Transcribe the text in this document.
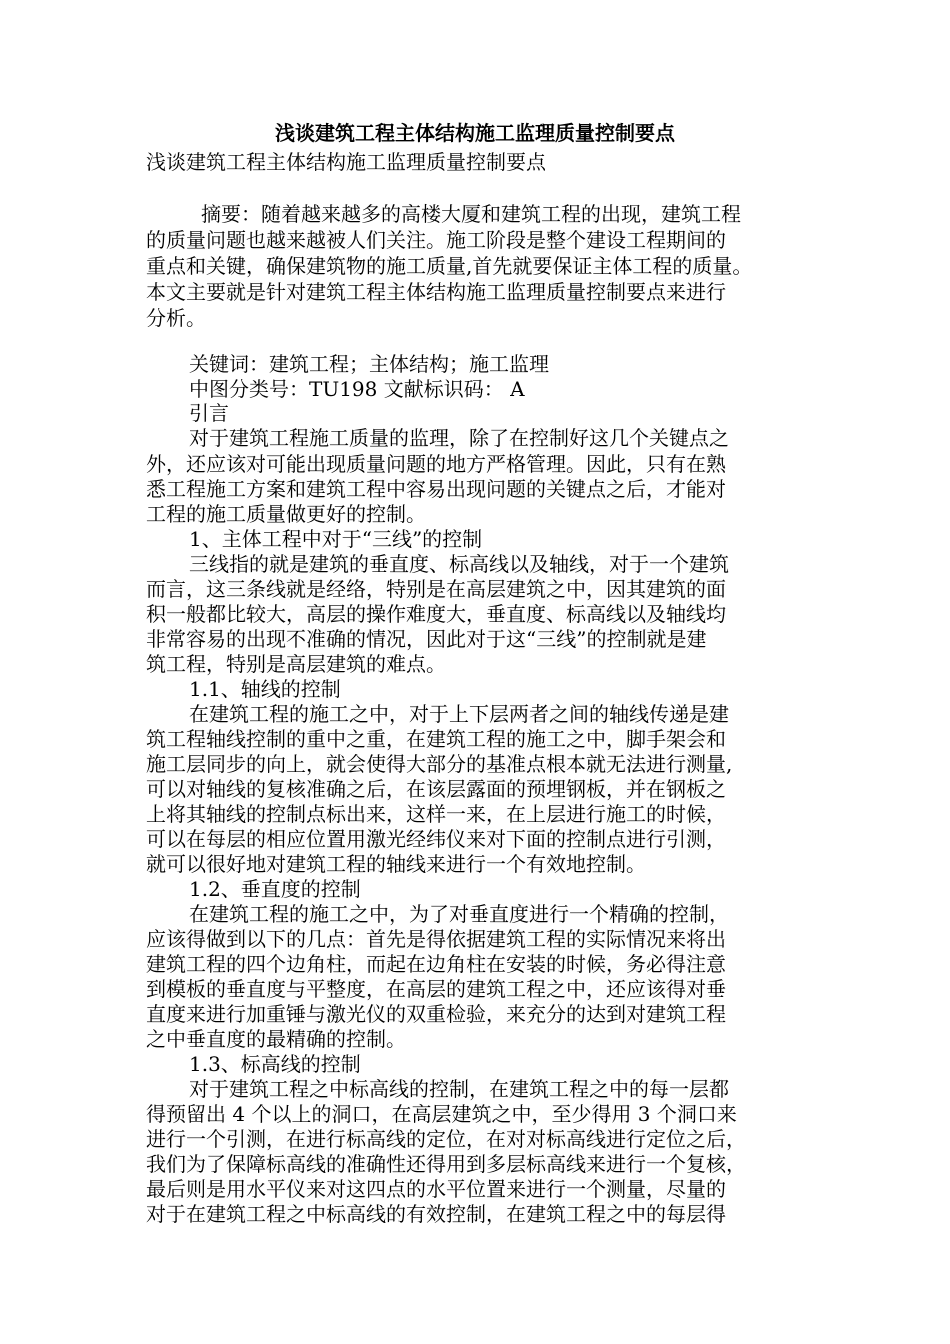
浅谈建筑工程主体结构施工监理质量控制要点
浅谈建筑工程主体结构施工监理质量控制要点
摘要：随着越来越多的高楼大厦和建筑工程的出现，建筑工程
的质量问题也越来越被人们关注。施工阶段是整个建设工程期间的
重点和关键，确保建筑物的施工质量,首先就要保证主体工程的质量。
本文主要就是针对建筑工程主体结构施工监理质量控制要点来进行
分析。
关键词：建筑工程；主体结构；施工监理
中图分类号：TU198 文献标识码： A
引言
对于建筑工程施工质量的监理，除了在控制好这几个关键点之
外，还应该对可能出现质量问题的地方严格管理。因此，只有在熟
悉工程施工方案和建筑工程中容易出现问题的关键点之后，才能对
工程的施工质量做更好的控制。
1、主体工程中对于“三线”的控制
三线指的就是建筑的垂直度、标高线以及轴线，对于一个建筑
而言，这三条线就是经络，特别是在高层建筑之中，因其建筑的面
积一般都比较大，高层的操作难度大，垂直度、标高线以及轴线均
非常容易的出现不准确的情况，因此对于这“三线”的控制就是建
筑工程，特别是高层建筑的难点。
1.1、轴线的控制
在建筑工程的施工之中，对于上下层两者之间的轴线传递是建
筑工程轴线控制的重中之重，在建筑工程的施工之中，脚手架会和
施工层同步的向上，就会使得大部分的基准点根本就无法进行测量,
可以对轴线的复核准确之后，在该层露面的预埋钢板，并在钢板之
上将其轴线的控制点标出来，这样一来，在上层进行施工的时候，
可以在每层的相应位置用激光经纬仪来对下面的控制点进行引测，
就可以很好地对建筑工程的轴线来进行一个有效地控制。
1.2、垂直度的控制
在建筑工程的施工之中，为了对垂直度进行一个精确的控制，
应该得做到以下的几点：首先是得依据建筑工程的实际情况来将出
建筑工程的四个边角柱，而起在边角柱在安装的时候，务必得注意
到模板的垂直度与平整度，在高层的建筑工程之中，还应该得对垂
直度来进行加重锤与激光仪的双重检验，来充分的达到对建筑工程
之中垂直度的最精确的控制。
1.3、标高线的控制
对于建筑工程之中标高线的控制，在建筑工程之中的每一层都
得预留出 4 个以上的洞口，在高层建筑之中，至少得用 3 个洞口来
进行一个引测，在进行标高线的定位，在对对标高线进行定位之后，
我们为了保障标高线的准确性还得用到多层标高线来进行一个复核，
最后则是用水平仪来对这四点的水平位置来进行一个测量，尽量的
对于在建筑工程之中标高线的有效控制，在建筑工程之中的每层得
